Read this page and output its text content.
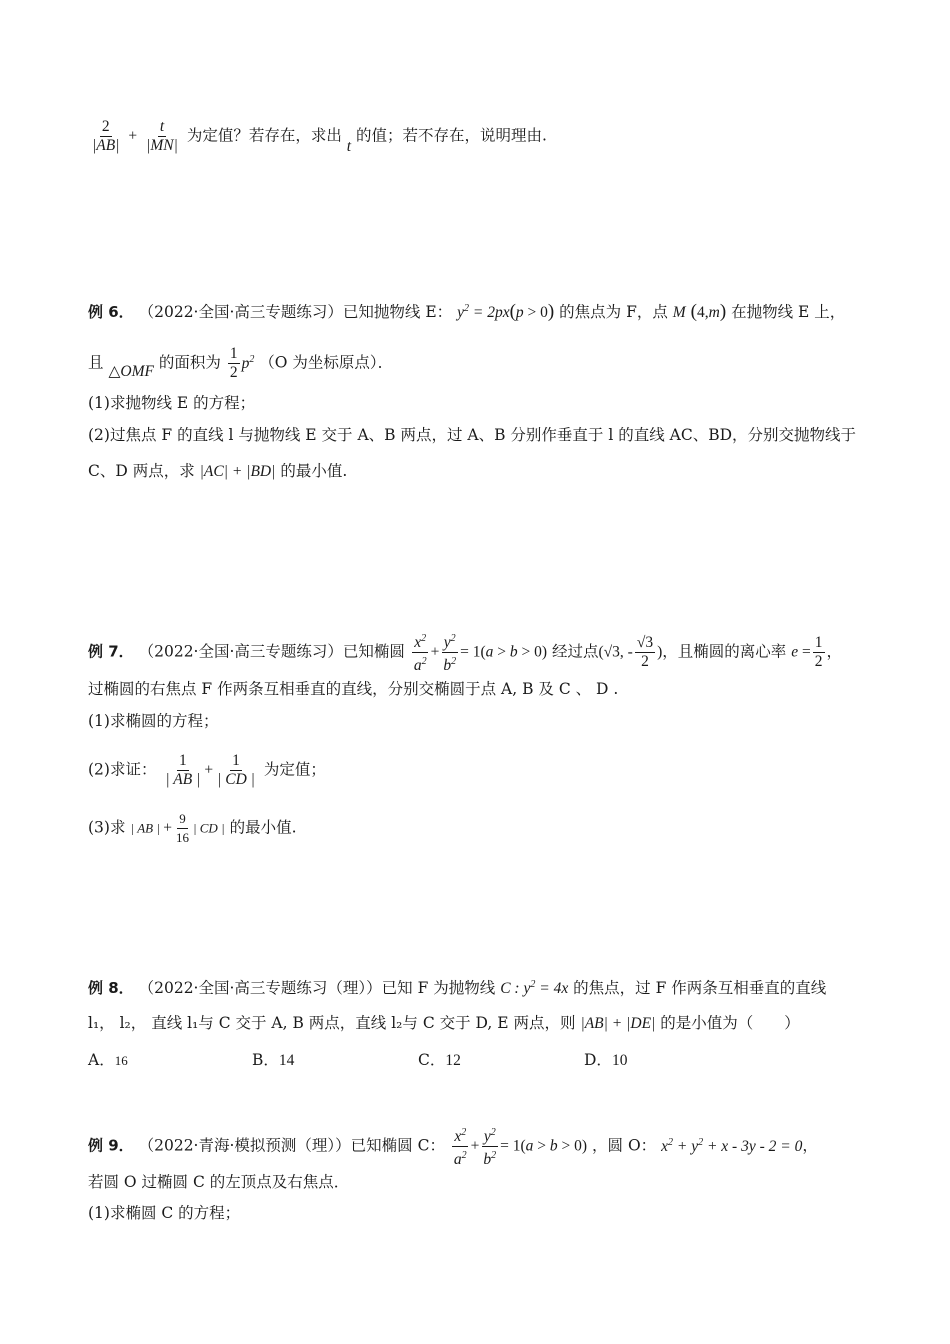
$\frac{2}{|AB|} + \frac{t}{|MN|}$ 为定值？若存在，求出 t 的值；若不存在，说明理由.
例 6． （2022·全国·高三专题练习）已知抛物线 E： $y^2 = 2px(p > 0)$ 的焦点为 F，点 M (4,m) 在抛物线 E 上，
且 △OMF 的面积为 $\frac{1}{2} p^2$ （O 为坐标原点）．
(1)求抛物线 E 的方程；
(2)过焦点 F 的直线 l 与抛物线 E 交于 A、B 两点，过 A、B 分别作垂直于 l 的直线 AC、BD，分别交抛物线于
C、D 两点，求 |AC| + |BD| 的最小值.
例 7． （2022·全国·高三专题练习）已知椭圆 $\frac{x^2}{a^2} + \frac{y^2}{b^2} = 1(a > b > 0)$ 经过点(√3, - $\frac{√3}{2}$ )，且椭圆的离心率 $e = \frac{1}{2}$ ，
过椭圆的右焦点 F 作两条互相垂直的直线，分别交椭圆于点 A, B 及 C 、 D .
(1)求椭圆的方程；
(2)求证： $\frac{1}{| AB |} + \frac{1}{| CD |}$ 为定值；
(3)求 | AB | + $\frac{9}{16}$ | CD | 的最小值.
例 8． （2022·全国·高三专题练习（理））已知 F 为抛物线 C : $y^2 = 4x$ 的焦点，过 F 作两条互相垂直的直线
l₁， l₂， 直线 l₁与 C 交于 A, B 两点，直线 l₂与 C 交于 D, E 两点，则 |AB| + |DE| 的是小值为（　　）
A．16	B．14	C．12	D．10
例 9． （2022·青海·模拟预测（理））已知椭圆 C： $\frac{x^2}{a^2} + \frac{y^2}{b^2} = 1(a > b > 0)$ ，圆 O： $x^2 + y^2 + x - 3y - 2 = 0$，
若圆 O 过椭圆 C 的左顶点及右焦点．
(1)求椭圆 C 的方程；
